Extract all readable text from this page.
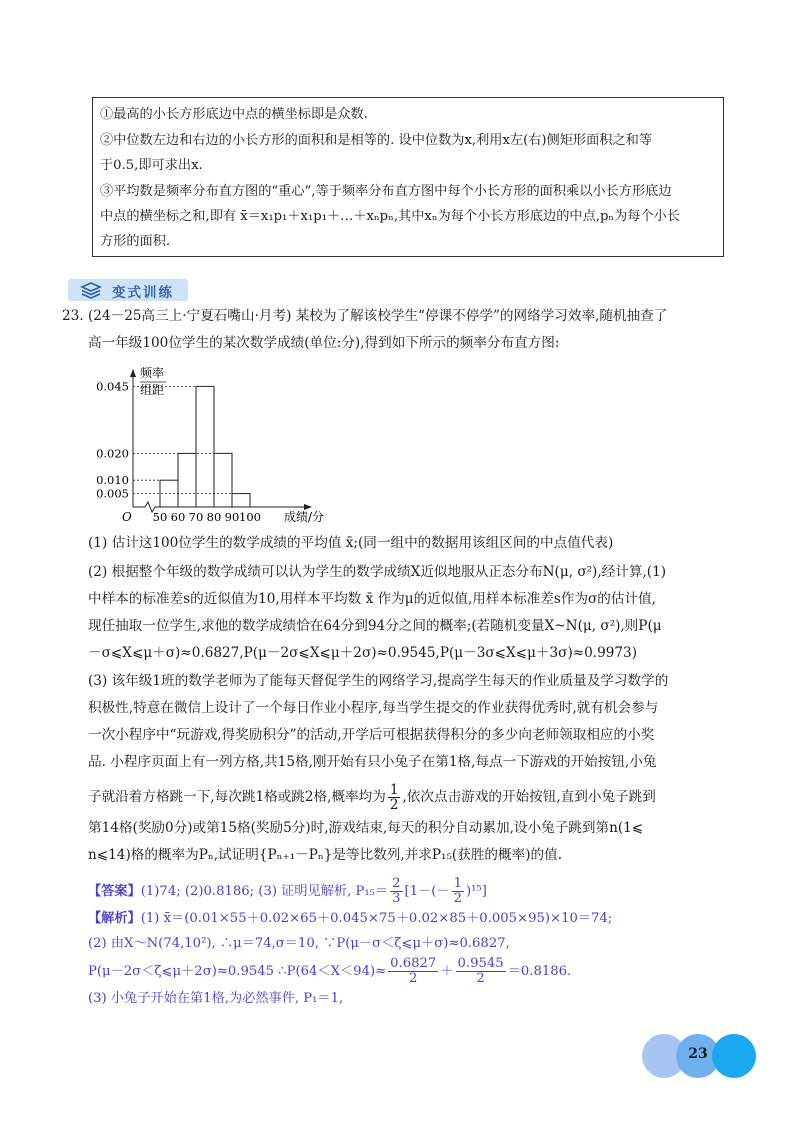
①最高的小长方形底边中点的横坐标即是众数.
②中位数左边和右边的小长方形的面积和是相等的. 设中位数为x,利用x左(右)侧矩形面积之和等
于0.5,即可求出x.
③平均数是频率分布直方图的“重心”,等于频率分布直方图中每个小长方形的面积乘以小长方形底边
中点的横坐标之和,即有 x̄＝x₁p₁＋x₁p₁＋…＋xₙpₙ,其中xₙ为每个小长方形底边的中点,pₙ为每个小长
方形的面积.
变式训练
23. (24－25高三上·宁夏石嘴山·月考) 某校为了解该校学生“停课不停学”的网络学习效率,随机抽查了
高一年级100位学生的某次数学成绩(单位:分),得到如下所示的频率分布直方图:
频率
组距
O	成绩/分
0.005
0.010
0.020
0.045
50 60 70 80 90 100
(1) 估计这100位学生的数学成绩的平均值 x̄;(同一组中的数据用该组区间的中点值代表)
(2) 根据整个年级的数学成绩可以认为学生的数学成绩X近似地服从正态分布N(μ, σ²),经计算,(1)
中样本的标准差s的近似值为10,用样本平均数 x̄ 作为μ的近似值,用样本标准差s作为σ的估计值,
现任抽取一位学生,求他的数学成绩恰在64分到94分之间的概率;(若随机变量X~N(μ, σ²),则P(μ
－σ⩽X⩽μ＋σ)≈0.6827,P(μ－2σ⩽X⩽μ＋2σ)≈0.9545,P(μ－3σ⩽X⩽μ＋3σ)≈0.9973)
(3) 该年级1班的数学老师为了能每天督促学生的网络学习,提高学生每天的作业质量及学习数学的
积极性,特意在微信上设计了一个每日作业小程序,每当学生提交的作业获得优秀时,就有机会参与
一次小程序中“玩游戏,得奖励积分”的活动,开学后可根据获得积分的多少向老师领取相应的小奖
品. 小程序页面上有一列方格,共15格,刚开始有只小兔子在第1格,每点一下游戏的开始按钮,小兔
子就沿着方格跳一下,每次跳1格或跳2格,概率均为 $\frac{1}{2}$ ,依次点击游戏的开始按钮,直到小兔子跳到
第14格(奖励0分)或第15格(奖励5分)时,游戏结束,每天的积分自动累加,设小兔子跳到第n(1⩽
n⩽14)格的概率为Pₙ,试证明{Pₙ₊₁－Pₙ}是等比数列,并求P₁₅(获胜的概率)的值.
【答案】(1)74; (2)0.8186; (3) 证明见解析, $P_{15}= \frac{2}{3} [1-(- \frac{1}{2} )^{15}]$
【解析】(1) x̄＝(0.01×55＋0.02×65＋0.045×75＋0.02×85＋0.005×95)×10＝74;
(2) 由X～N(74,10²), ∴μ＝74,σ＝10, ∵P(μ－σ＜ζ⩽μ＋σ)≈0.6827,
P(μ－2σ＜ζ⩽μ＋2σ)≈0.9545 ∴P(64＜X＜94)≈ $\frac{0.6827}{2} + \frac{0.9545}{2} =0.8186$.
(3) 小兔子开始在第1格,为必然事件, P₁＝1,
23
